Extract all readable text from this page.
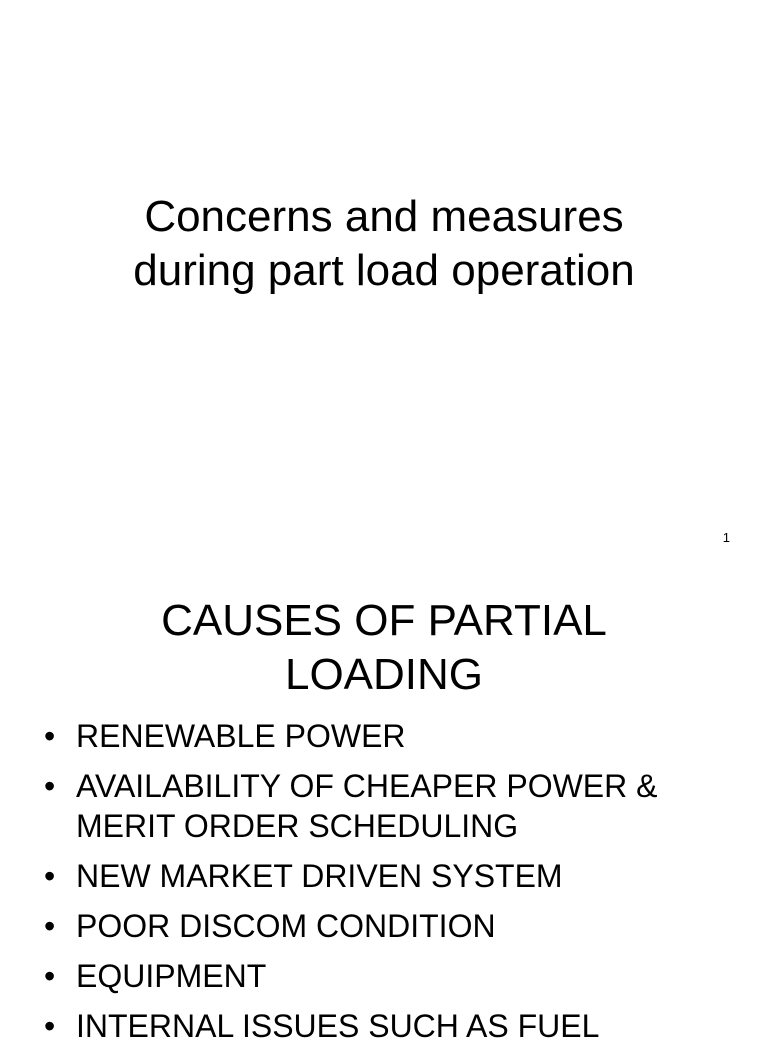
Concerns and measures
during part load operation
1
CAUSES OF PARTIAL
LOADING
• RENEWABLE POWER
• AVAILABILITY OF CHEAPER POWER & MERIT ORDER SCHEDULING
• NEW MARKET DRIVEN SYSTEM
• POOR DISCOM CONDITION
• EQUIPMENT
• INTERNAL ISSUES SUCH AS FUEL
